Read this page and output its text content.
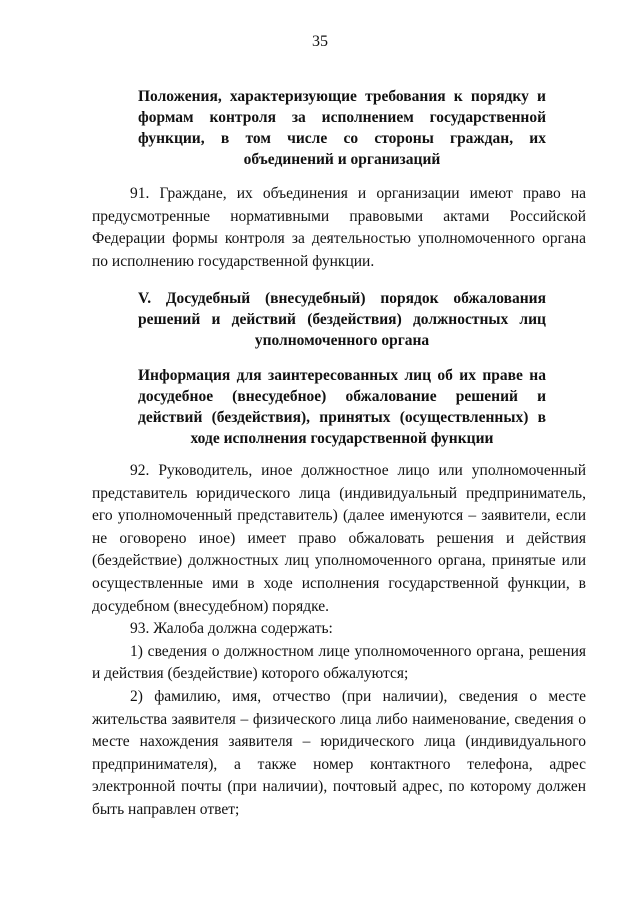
35
Положения, характеризующие требования к порядку и формам контроля за исполнением государственной функции, в том числе со стороны граждан, их объединений и организаций

91. Граждане, их объединения и организации имеют право на предусмотренные нормативными правовыми актами Российской Федерации формы контроля за деятельностью уполномоченного органа по исполнению государственной функции.

V. Досудебный (внесудебный) порядок обжалования решений и действий (бездействия) должностных лиц уполномоченного органа
Информация для заинтересованных лиц об их праве на досудебное (внесудебное) обжалование решений и действий (бездействия), принятых (осуществленных) в ходе исполнения государственной функции

92. Руководитель, иное должностное лицо или уполномоченный представитель юридического лица (индивидуальный предприниматель, его уполномоченный представитель) (далее именуются – заявители, если не оговорено иное) имеет право обжаловать решения и действия (бездействие) должностных лиц уполномоченного органа, принятые или осуществленные ими в ходе исполнения государственной функции, в досудебном (внесудебном) порядке.

93. Жалоба должна содержать:

1) сведения о должностном лице уполномоченного органа, решения и действия (бездействие) которого обжалуются;

2) фамилию, имя, отчество (при наличии), сведения о месте жительства заявителя – физического лица либо наименование, сведения о месте нахождения заявителя – юридического лица (индивидуального предпринимателя), а также номер контактного телефона, адрес электронной почты (при наличии), почтовый адрес, по которому должен быть направлен ответ;
